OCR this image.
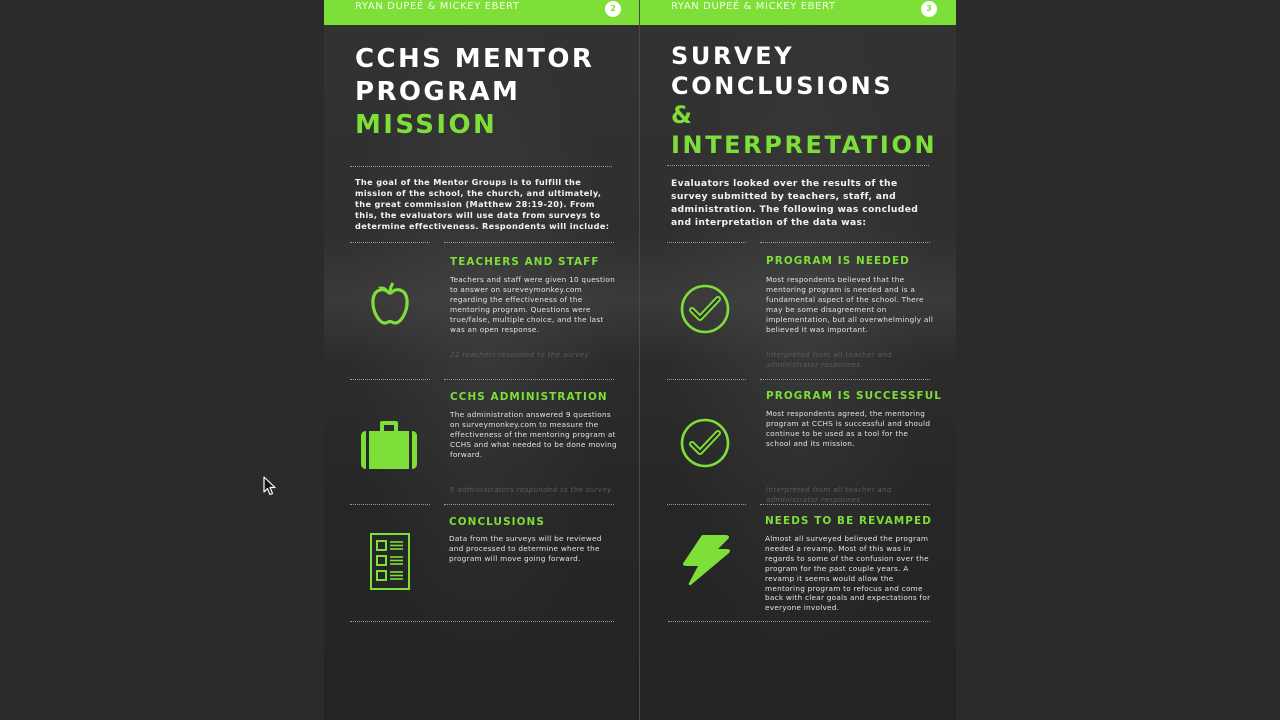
RYAN DUPEÉ & MICKEY EBERT	2
CCHS MENTOR
PROGRAM
MISSION
The goal of the Mentor Groups is to fulfill the mission of the school, the church, and ultimately, the great commission (Matthew 28:19-20). From this, the evaluators will use data from surveys to determine effectiveness. Respondents will include:
TEACHERS AND STAFF
Teachers and staff were given 10 question to answer on sureveymonkey.com regarding the effectiveness of the mentoring program. Questions were true/false, multiple choice, and the last was an open response.
22 teachers resonded to the survey.
CCHS ADMINISTRATION
The administration answered 9 questions on surveymonkey.com to measure the effectiveness of the mentoring program at CCHS and what needed to be done moving forward.
5 administrators responded to the survey.
CONCLUSIONS
Data from the surveys will be reviewed and processed to determine where the program will move going forward.
RYAN DUPEÉ & MICKEY EBERT	3
SURVEY
CONCLUSIONS
&
INTERPRETATION
Evaluators looked over the results of the survey submitted by teachers, staff, and administration. The following was concluded and interpretation of the data was:
PROGRAM IS NEEDED
Most respondents believed that the mentoring program is needed and is a fundamental aspect of the school. There may be some disagreement on implementation, but all overwhelmingly all believed it was important.
Interpreted from all teacher and administrator responses.
PROGRAM IS SUCCESSFUL
Most respondents agreed, the mentoring program at CCHS is successful and should continue to be used as a tool for the school and its mission.
Interpreted from all teacher and administrator responses.
NEEDS TO BE REVAMPED
Almost all surveyed believed the program needed a revamp. Most of this was in regards to some of the confusion over the program for the past couple years. A revamp it seems would allow the mentoring program to refocus and come back with clear goals and expectations for everyone involved.
